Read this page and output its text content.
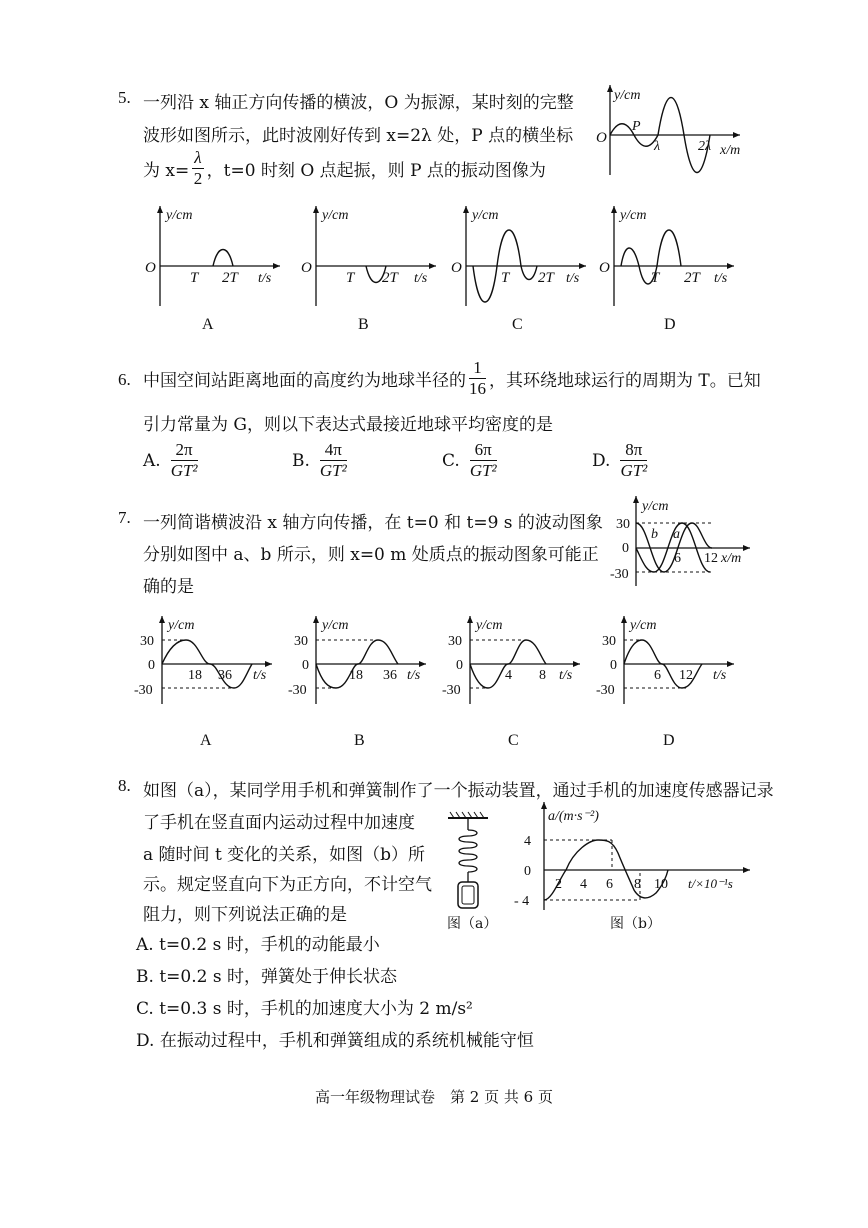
5. 一列沿 x 轴正方向传播的横波，O 为振源，某时刻的完整
波形如图所示，此时波刚好传到 x=2λ 处，P 点的横坐标
为 $x= \frac{\lambda}{2}$ ，t=0 时刻 O 点起振，则 P 点的振动图像为
y/cm
O
P
λ	2λ x/m
y/cm
O
T 2T t/s
y/cm
O
T 2T t/s
y/cm
O
T 2T t/s
y/cm
O
T 2T t/s
A	B	C	D
6. 中国空间站距离地面的高度约为地球半径的 $\frac{1}{16}$ ，其环绕地球运行的周期为 T。已知
引力常量为 G，则以下表达式最接近地球平均密度的是
A. $\frac{2\pi}{\text{GT²}}$	B. $\frac{4\pi}{\text{GT²}}$	C. $\frac{6\pi}{\text{GT²}}$	D. $\frac{8\pi}{\text{GT²}}$
7. 一列简谐横波沿 x 轴方向传播，在 t=0 和 t=9 s 的波动图象
分别如图中 a、b 所示，则 x=0 m 处质点的振动图象可能正
确的是
y/cm
30
0
-30
b a
6 12 x/m
y/cm
30
0
-30
18 36 t/s
y/cm
30
0
-30
18 36 t/s
y/cm
30
0
-30
4 8 t/s
y/cm
30
0
-30
6 12 t/s
A	B	C	D
8. 如图（a），某同学用手机和弹簧制作了一个振动装置，通过手机的加速度传感器记录
了手机在竖直面内运动过程中加速度
a 随时间 t 变化的关系，如图（b）所
示。规定竖直向下为正方向，不计空气
阻力，则下列说法正确的是	图（a）
a/(m·s⁻²)
4
0
- 4
2 4 6 8 10 t/×10⁻¹s
图（b）
A. t=0.2 s 时，手机的动能最小
B. t=0.2 s 时，弹簧处于伸长状态
C. t=0.3 s 时，手机的加速度大小为 2 m/s²
D. 在振动过程中，手机和弹簧组成的系统机械能守恒
高一年级物理试卷　第 2 页 共 6 页
